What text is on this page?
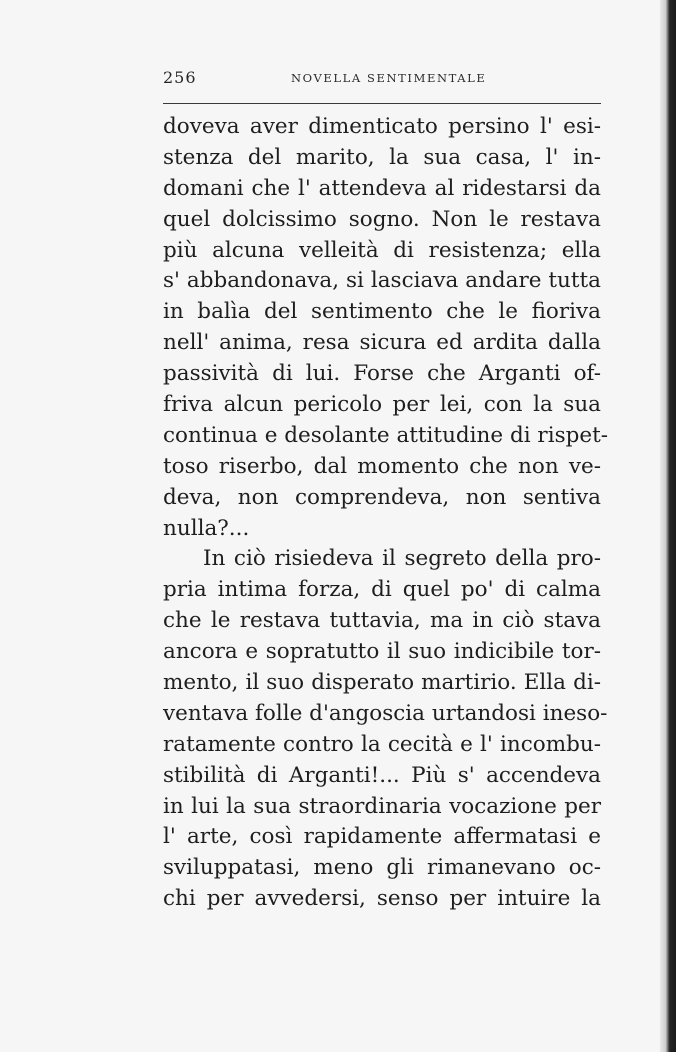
256	NOVELLA SENTIMENTALE
doveva aver dimenticato persino l' esi-
stenza del marito, la sua casa, l' in-
domani che l' attendeva al ridestarsi da
quel dolcissimo sogno. Non le restava
più alcuna velleità di resistenza; ella
s' abbandonava, si lasciava andare tutta
in balìa del sentimento che le fioriva
nell' anima, resa sicura ed ardita dalla
passività di lui. Forse che Arganti of-
friva alcun pericolo per lei, con la sua
continua e desolante attitudine di rispet-
toso riserbo, dal momento che non ve-
deva, non comprendeva, non sentiva
nulla?...
In ciò risiedeva il segreto della pro-
pria intima forza, di quel po' di calma
che le restava tuttavia, ma in ciò stava
ancora e sopratutto il suo indicibile tor-
mento, il suo disperato martirio. Ella di-
ventava folle d'angoscia urtandosi ineso-
ratamente contro la cecità e l' incombu-
stibilità di Arganti!... Più s' accendeva
in lui la sua straordinaria vocazione per
l' arte, così rapidamente affermatasi e
sviluppatasi, meno gli rimanevano oc-
chi per avvedersi, senso per intuire la
